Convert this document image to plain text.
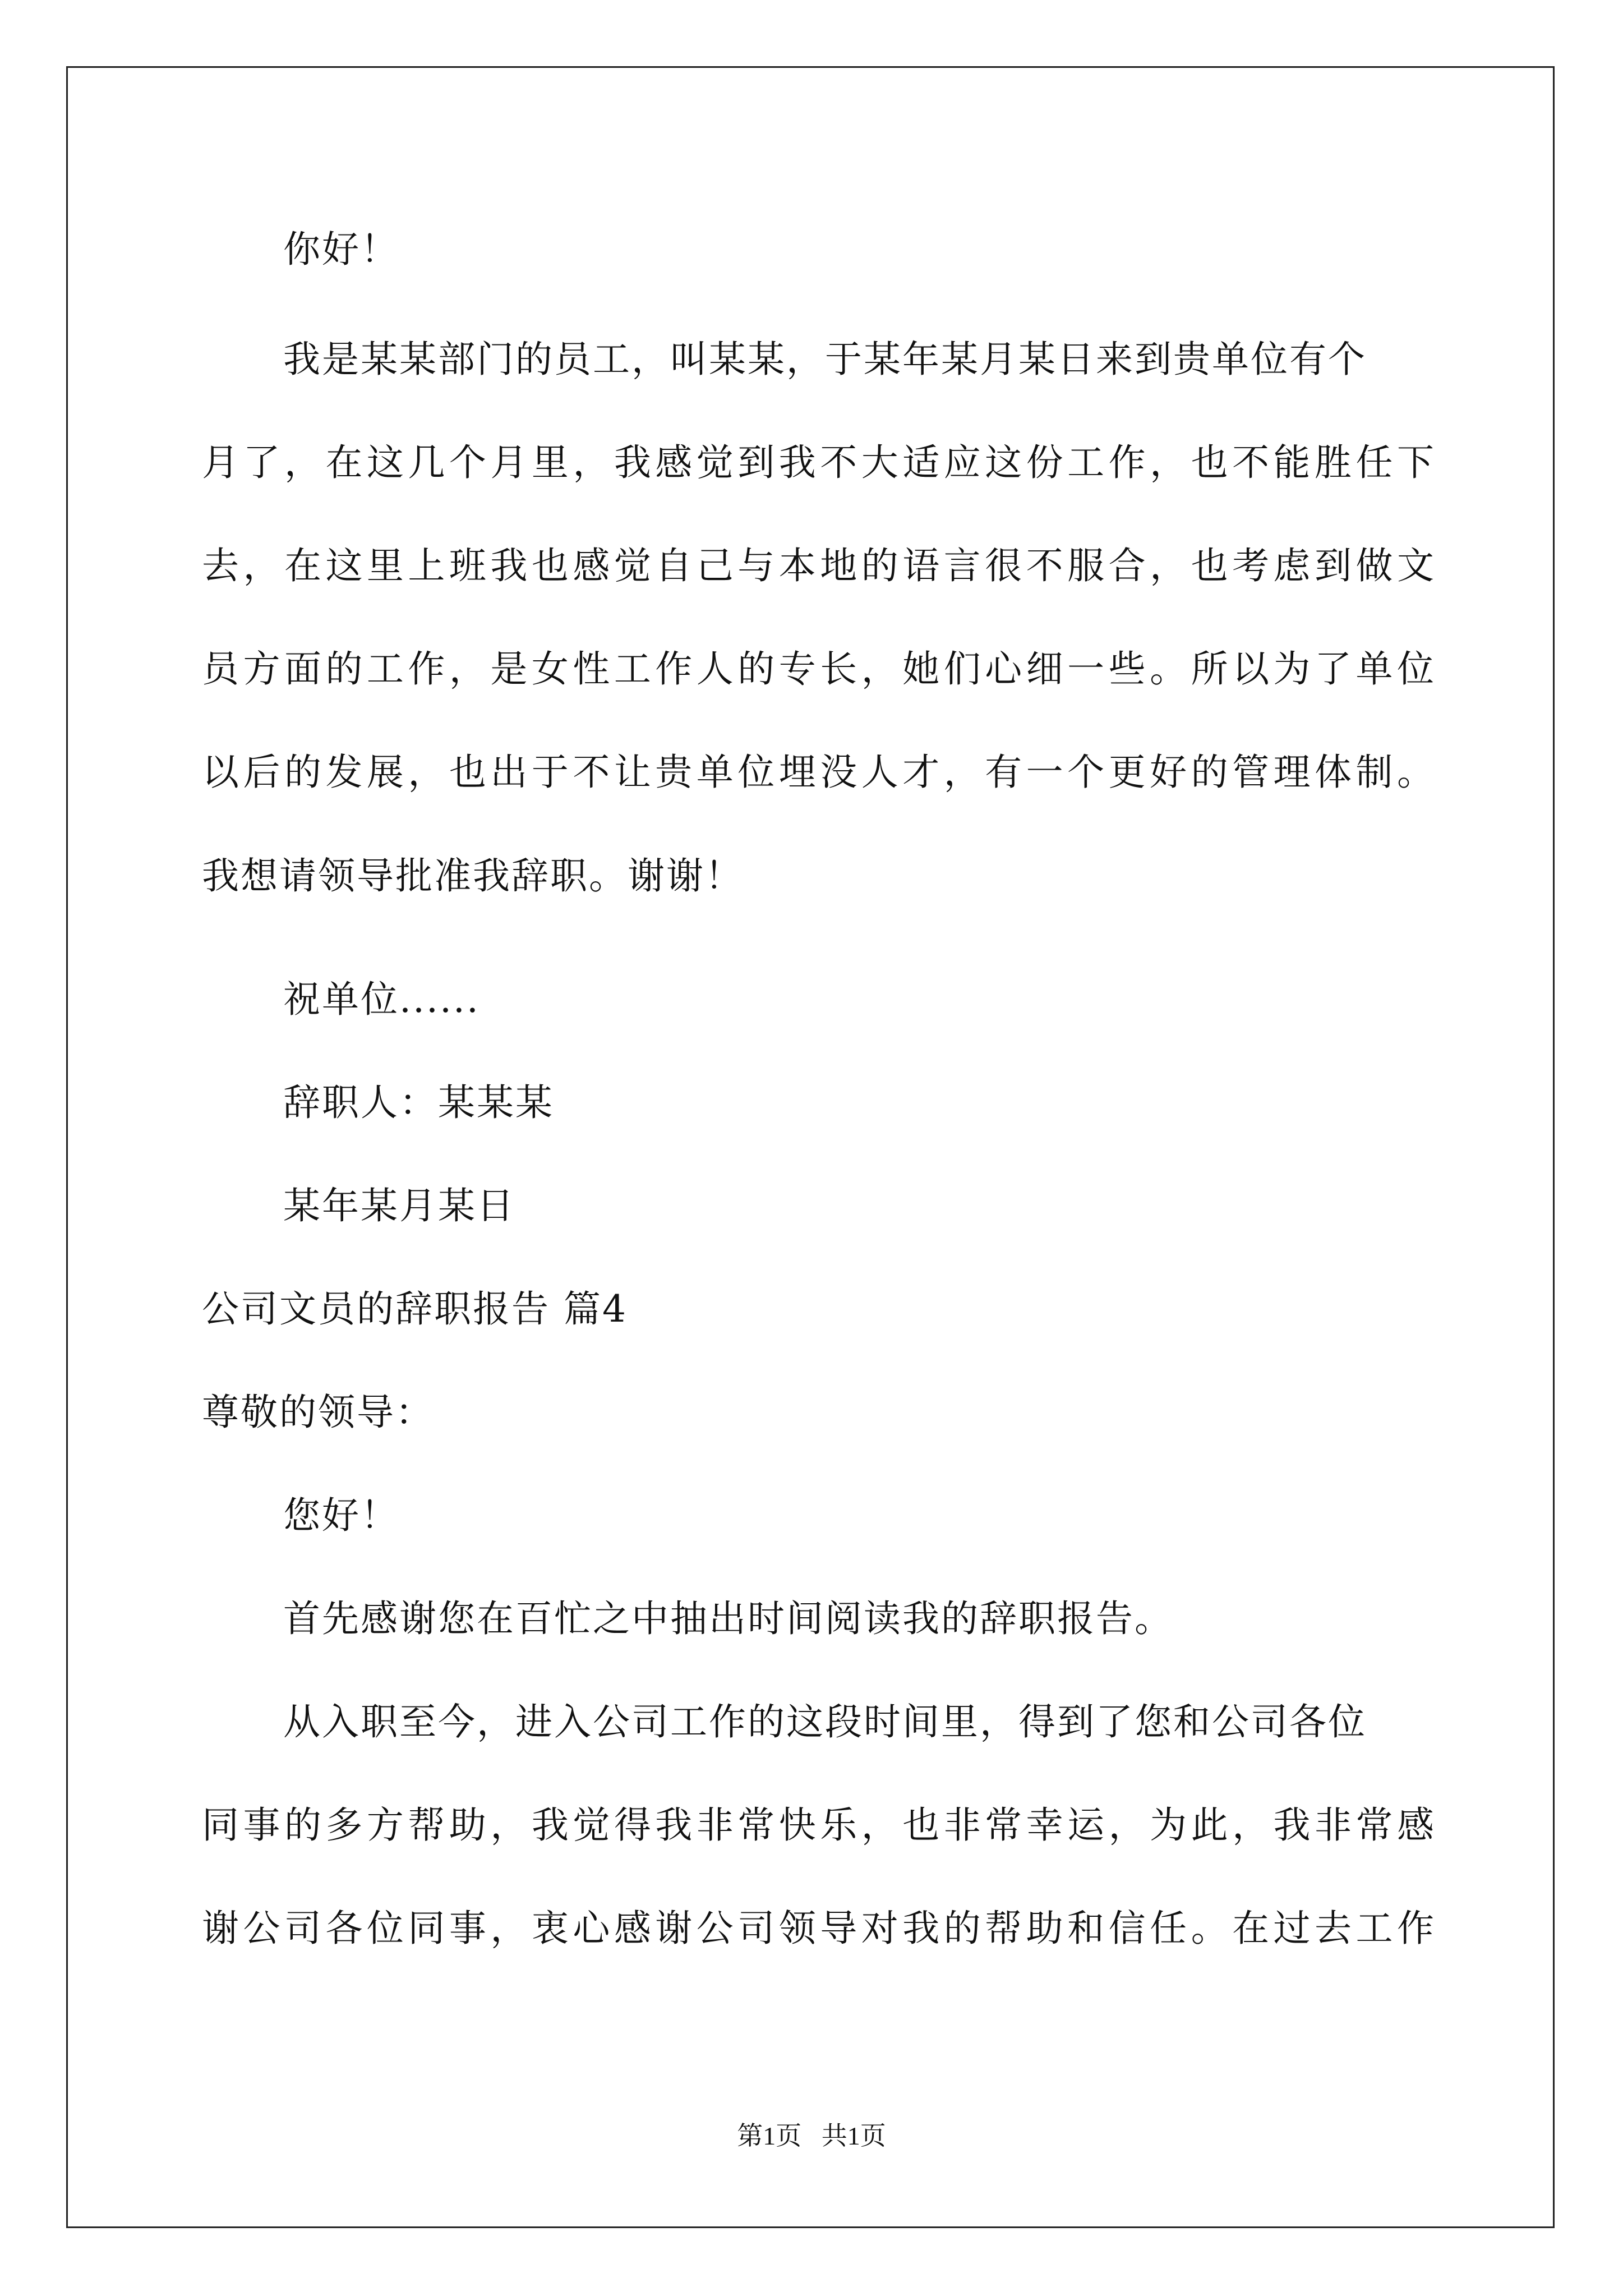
你好！
我是某某部门的员工，叫某某，于某年某月某日来到贵单位有个
月了，在这几个月里，我感觉到我不大适应这份工作，也不能胜任下
去，在这里上班我也感觉自己与本地的语言很不服合，也考虑到做文
员方面的工作，是女性工作人的专长，她们心细一些。所以为了单位
以后的发展，也出于不让贵单位埋没人才，有一个更好的管理体制。
我想请领导批准我辞职。谢谢！
祝单位......
辞职人：某某某
某年某月某日
公司文员的辞职报告 篇4
尊敬的领导：
您好！
首先感谢您在百忙之中抽出时间阅读我的辞职报告。
从入职至今，进入公司工作的这段时间里，得到了您和公司各位
同事的多方帮助，我觉得我非常快乐，也非常幸运，为此，我非常感
谢公司各位同事，衷心感谢公司领导对我的帮助和信任。在过去工作
第1页 共1页
